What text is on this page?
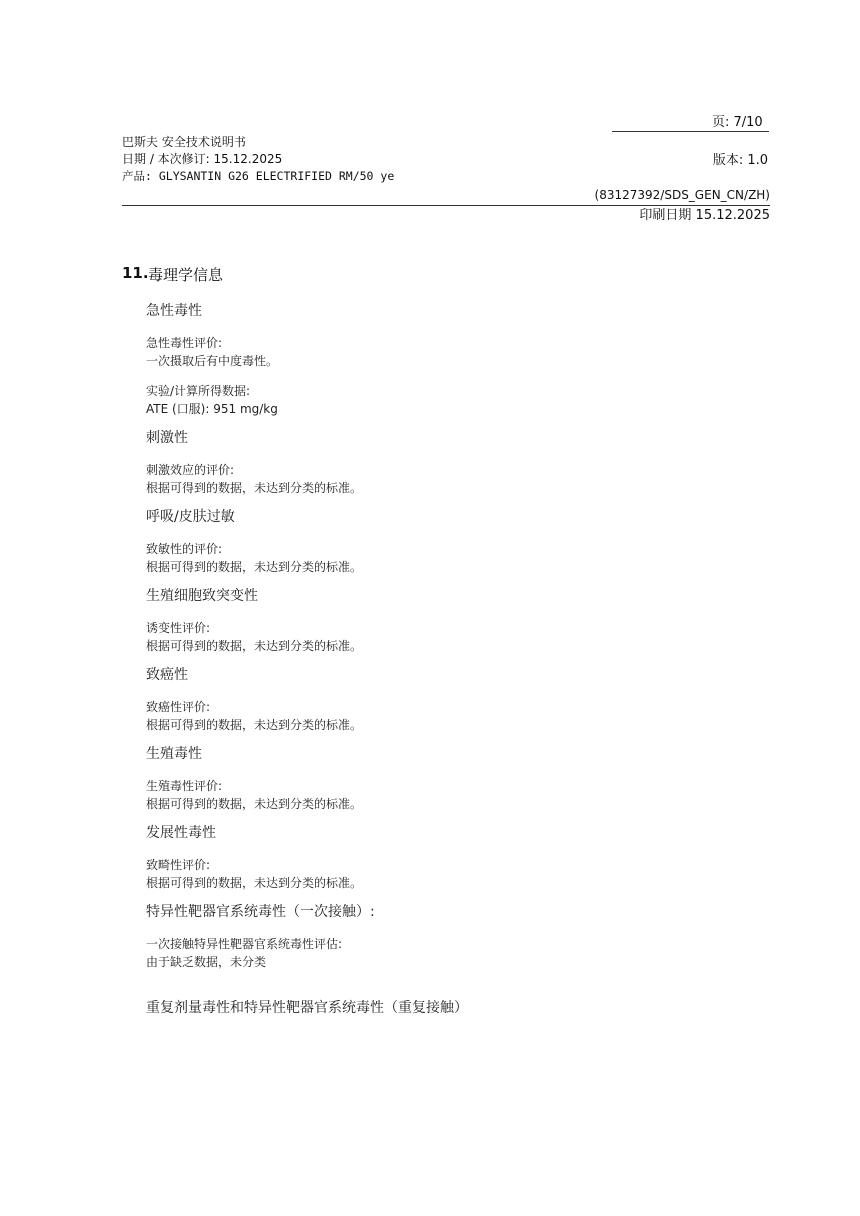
页: 7/10
巴斯夫 安全技术说明书
日期 / 本次修订: 15.12.2025
产品: GLYSANTIN G26 ELECTRIFIED RM/50 ye
版本: 1.0
(83127392/SDS_GEN_CN/ZH)
印刷日期 15.12.2025
11. 毒理学信息
急性毒性
急性毒性评价:
一次摄取后有中度毒性。
实验/计算所得数据:
ATE (口服): 951 mg/kg
刺激性
刺激效应的评价:
根据可得到的数据，未达到分类的标准。
呼吸/皮肤过敏
致敏性的评价:
根据可得到的数据，未达到分类的标准。
生殖细胞致突变性
诱变性评价:
根据可得到的数据，未达到分类的标准。
致癌性
致癌性评价:
根据可得到的数据，未达到分类的标准。
生殖毒性
生殖毒性评价:
根据可得到的数据，未达到分类的标准。
发展性毒性
致畸性评价:
根据可得到的数据，未达到分类的标准。
特异性靶器官系统毒性（一次接触）:
一次接触特异性靶器官系统毒性评估:
由于缺乏数据，未分类
重复剂量毒性和特异性靶器官系统毒性（重复接触）
